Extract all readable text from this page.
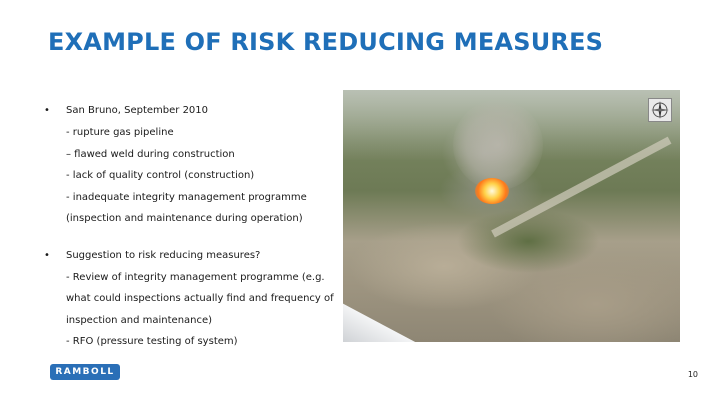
EXAMPLE OF RISK REDUCING MEASURES
•	San Bruno, September 2010
- rupture gas pipeline
– flawed weld during construction
- lack of quality control (construction)
- inadequate integrity management programme
(inspection and maintenance during operation)
•	Suggestion to risk reducing measures?
- Review of integrity management programme (e.g.
what could inspections actually find and frequency of
inspection and maintenance)
- RFO (pressure testing of system)
RAMBOLL	10
